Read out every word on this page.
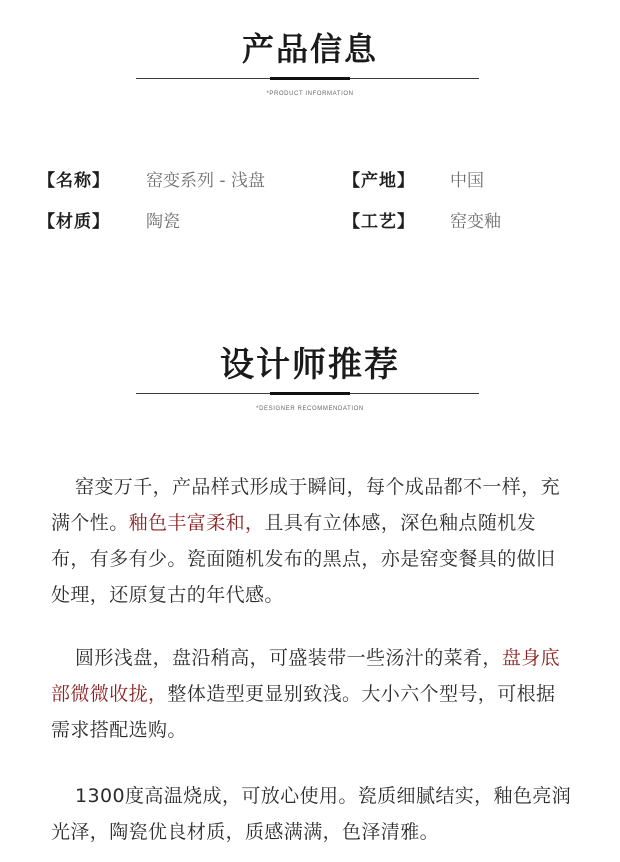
产品信息
*PRODUCT INFORMATION
【名称】 窑变系列 - 浅盘	【产地】 中国
【材质】 陶瓷	【工艺】 窑变釉
设计师推荐
*DESIGNER RECOMMENDATION
窑变万千，产品样式形成于瞬间，每个成品都不一样，充满个性。釉色丰富柔和，且具有立体感，深色釉点随机发布，有多有少。瓷面随机发布的黑点，亦是窑变餐具的做旧处理，还原复古的年代感。
圆形浅盘，盘沿稍高，可盛装带一些汤汁的菜肴，盘身底部微微收拢，整体造型更显别致浅。大小六个型号，可根据需求搭配选购。
1300度高温烧成，可放心使用。瓷质细腻结实，釉色亮润光泽，陶瓷优良材质，质感满满，色泽清雅。
